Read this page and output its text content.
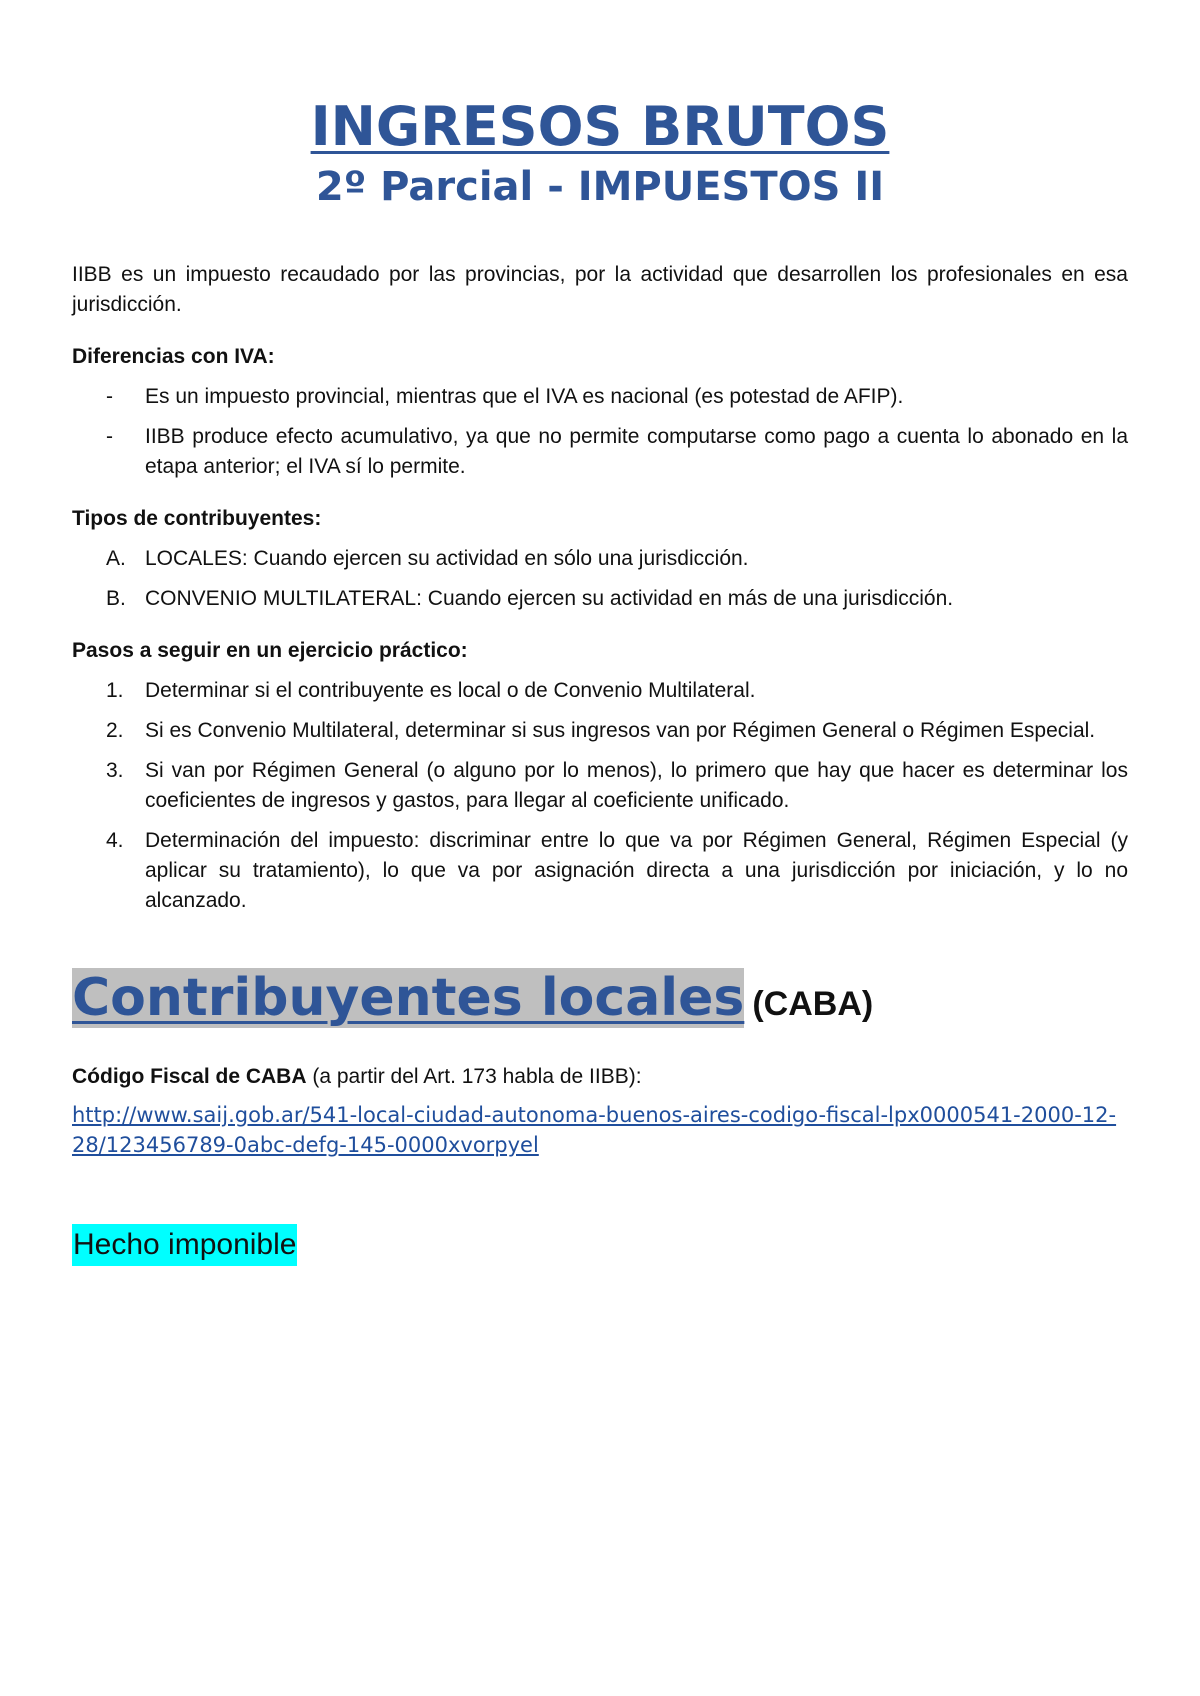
INGRESOS BRUTOS
2º Parcial - IMPUESTOS II

IIBB es un impuesto recaudado por las provincias, por la actividad que desarrollen los profesionales en esa jurisdicción.

Diferencias con IVA:

- Es un impuesto provincial, mientras que el IVA es nacional (es potestad de AFIP).
- IIBB produce efecto acumulativo, ya que no permite computarse como pago a cuenta lo abonado en la etapa anterior; el IVA sí lo permite.

Tipos de contribuyentes:

A. LOCALES: Cuando ejercen su actividad en sólo una jurisdicción.
B. CONVENIO MULTILATERAL: Cuando ejercen su actividad en más de una jurisdicción.

Pasos a seguir en un ejercicio práctico:

1. Determinar si el contribuyente es local o de Convenio Multilateral.
2. Si es Convenio Multilateral, determinar si sus ingresos van por Régimen General o Régimen Especial.
3. Si van por Régimen General (o alguno por lo menos), lo primero que hay que hacer es determinar los coeficientes de ingresos y gastos, para llegar al coeficiente unificado.
4. Determinación del impuesto: discriminar entre lo que va por Régimen General, Régimen Especial (y aplicar su tratamiento), lo que va por asignación directa a una jurisdicción por iniciación, y lo no alcanzado.
Contribuyentes locales (CABA)

Código Fiscal de CABA (a partir del Art. 173 habla de IIBB):

http://www.saij.gob.ar/541-local-ciudad-autonoma-buenos-aires-codigo-fiscal-lpx0000541-2000-12-28/123456789-0abc-defg-145-0000xvorpyel
Hecho imponible
